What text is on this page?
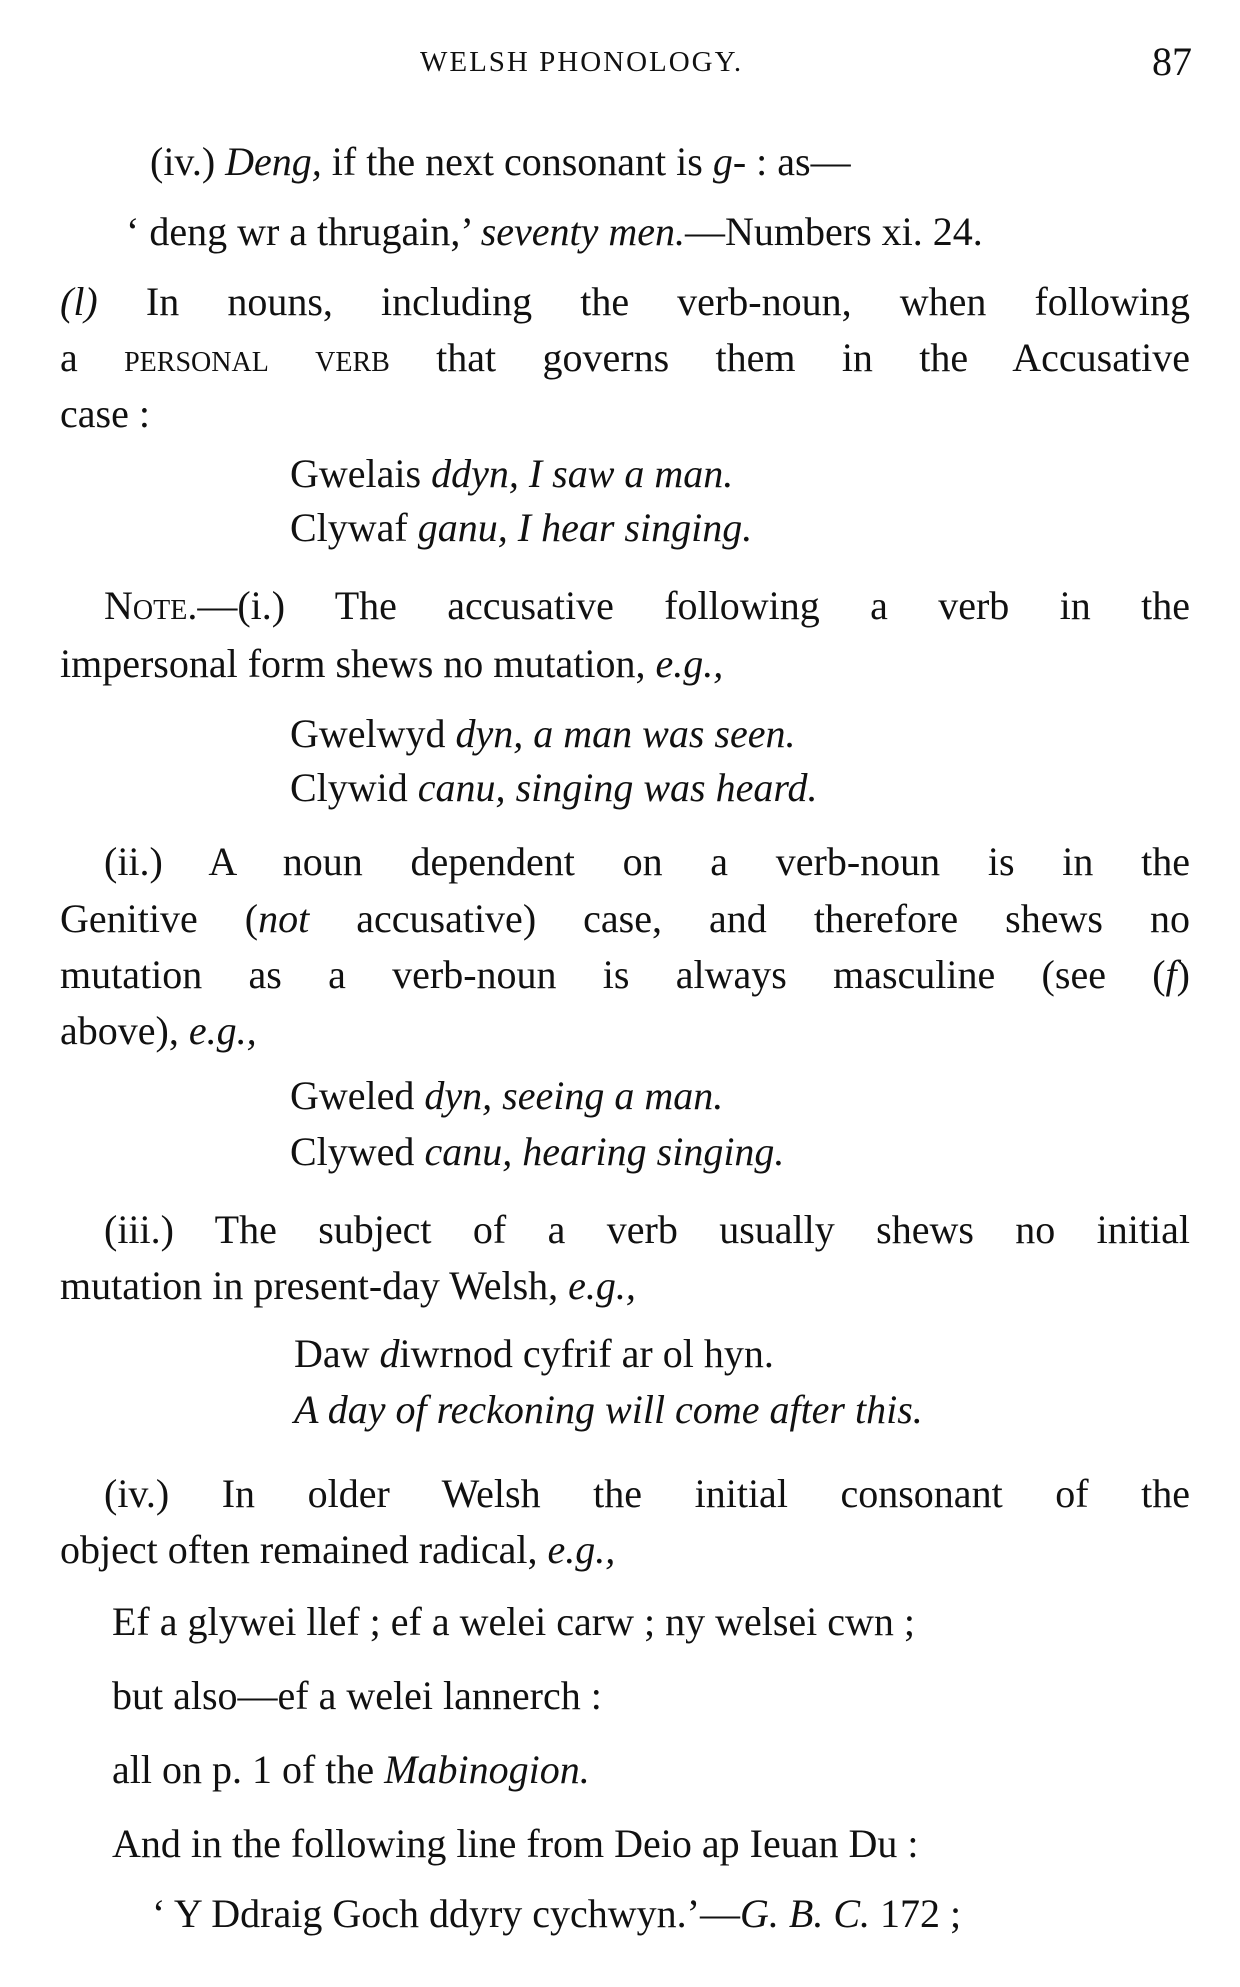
WELSH PHONOLOGY.	87
(iv.) Deng, if the next consonant is g- : as—
‘ deng wr a thrugain,’ seventy men.—Numbers xi. 24.
(l) In nouns, including the verb-noun, when following
a personal verb that governs them in the Accusative
case :
Gwelais ddyn, I saw a man.
Clywaf ganu, I hear singing.
Note.—(i.) The accusative following a verb in the
impersonal form shews no mutation, e.g.,
Gwelwyd dyn, a man was seen.
Clywid canu, singing was heard.
(ii.) A noun dependent on a verb-noun is in the
Genitive (not accusative) case, and therefore shews no
mutation as a verb-noun is always masculine (see (f)
above), e.g.,
Gweled dyn, seeing a man.
Clywed canu, hearing singing.
(iii.) The subject of a verb usually shews no initial
mutation in present-day Welsh, e.g.,
Daw diwrnod cyfrif ar ol hyn.
A day of reckoning will come after this.
(iv.) In older Welsh the initial consonant of the
object often remained radical, e.g.,
Ef a glywei llef ; ef a welei carw ; ny welsei cwn ;
but also—ef a welei lannerch :
all on p. 1 of the Mabinogion.
And in the following line from Deio ap Ieuan Du :
‘ Y Ddraig Goch ddyry cychwyn.’—G. B. C. 172 ;
